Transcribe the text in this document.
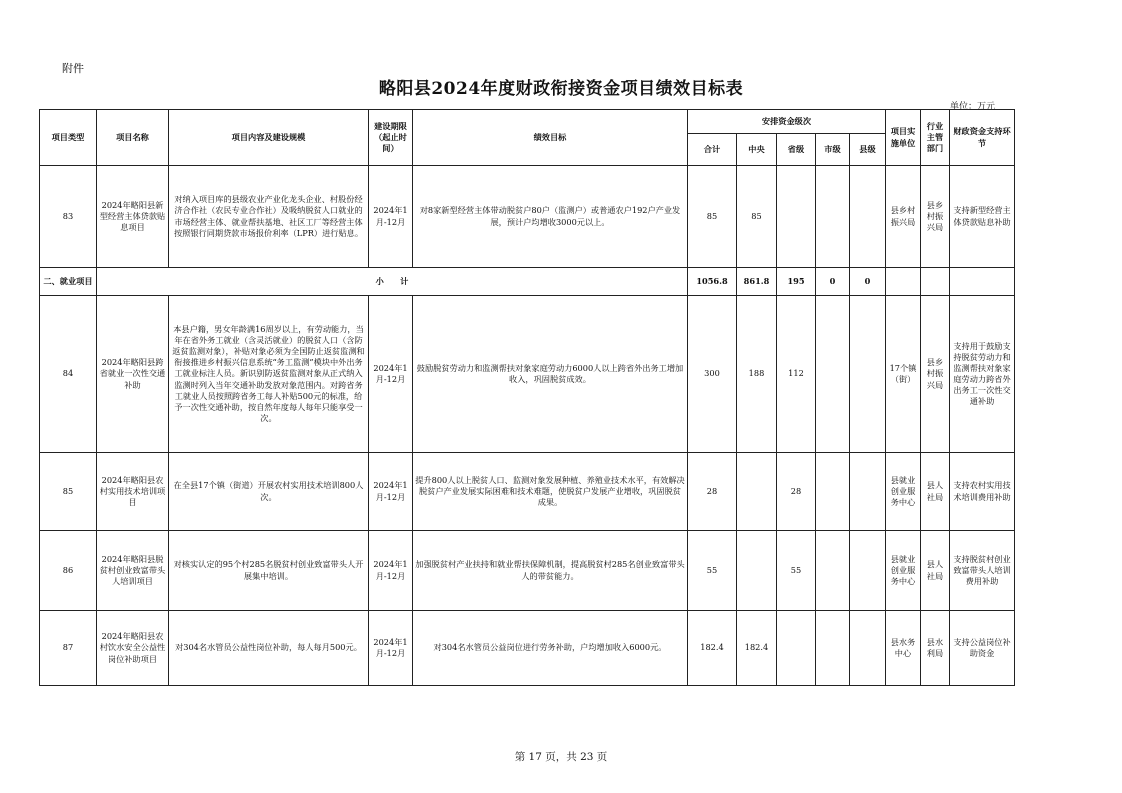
附件
略阳县2024年度财政衔接资金项目绩效目标表
单位：万元
项目类型	项目名称	项目内容及建设规模	建设期限（起止时间）	绩效目标	安排资金级次					项目实施单位	行业主管部门	财政资金支持环节
					合计	中央	省级	市级	县级			
83	2024年略阳县新型经营主体贷款贴息项目	对纳入项目库的县级农业产业化龙头企业、村股份经济合作社（农民专业合作社）及吸纳脱贫人口就业的市场经营主体、就业帮扶基地、社区工厂等经营主体按照银行同期贷款市场报价利率（LPR）进行贴息。	2024年1月-12月	对8家新型经营主体带动脱贫户80户（监测户）或普通农户192户产业发展，预计户均增收3000元以上。	85	85				县乡村振兴局	县乡村振兴局	支持新型经营主体贷款贴息补助
二、就业项目	小　　计				1056.8	861.8	195	0	0			
84	2024年略阳县跨省就业一次性交通补助	本县户籍，男女年龄满16周岁以上，有劳动能力，当年在省外务工就业（含灵活就业）的脱贫人口（含防返贫监测对象），补贴对象必须为全国防止返贫监测和衔接推进乡村振兴信息系统“务工监测”模块中外出务工就业标注人员。新识别防返贫监测对象从正式纳入监测时列入当年交通补助发放对象范围内。对跨省务工就业人员按照跨省务工每人补贴500元的标准，给予一次性交通补助，按自然年度每人每年只能享受一次。	2024年1月-12月	鼓励脱贫劳动力和监测帮扶对象家庭劳动力6000人以上跨省外出务工增加收入，巩固脱贫成效。	300	188	112			17个镇（街）	县乡村振兴局	支持用于鼓励支持脱贫劳动力和监测帮扶对象家庭劳动力跨省外出务工一次性交通补助
85	2024年略阳县农村实用技术培训项目	在全县17个镇（街道）开展农村实用技术培训800人次。	2024年1月-12月	提升800人以上脱贫人口、监测对象发展种植、养殖业技术水平，有效解决脱贫户产业发展实际困难和技术难题，使脱贫户发展产业增收，巩固脱贫成果。	28		28			县就业创业服务中心	县人社局	支持农村实用技术培训费用补助
86	2024年略阳县脱贫村创业致富带头人培训项目	对核实认定的95个村285名脱贫村创业致富带头人开展集中培训。	2024年1月-12月	加强脱贫村产业扶持和就业帮扶保障机制，提高脱贫村285名创业致富带头人的带贫能力。	55		55			县就业创业服务中心	县人社局	支持脱贫村创业致富带头人培训费用补助
87	2024年略阳县农村饮水安全公益性岗位补助项目	对304名水管员公益性岗位补助，每人每月500元。	2024年1月-12月	对304名水管员公益岗位进行劳务补助，户均增加收入6000元。	182.4	182.4				县水务中心	县水利局	支持公益岗位补助资金
第 17 页，共 23 页
